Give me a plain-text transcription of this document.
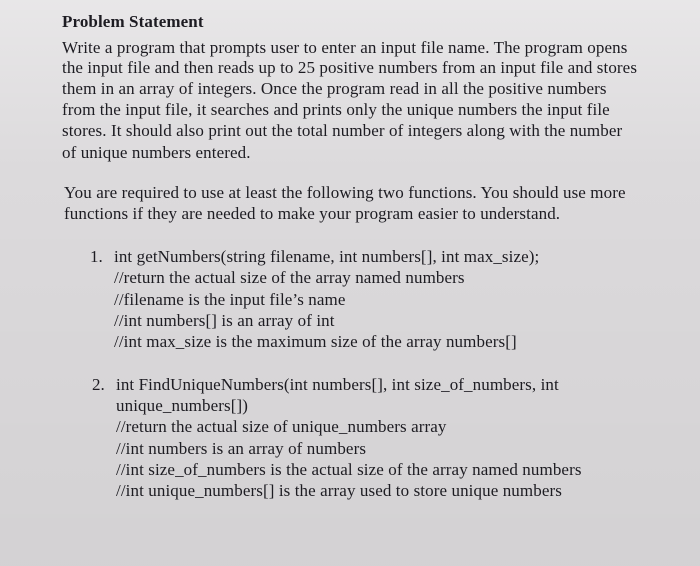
Problem Statement
Write a program that prompts user to enter an input file name. The program opens
the input file and then reads up to 25 positive numbers from an input file and stores
them in an array of integers. Once the program read in all the positive numbers
from the input file, it searches and prints only the unique numbers the input file
stores. It should also print out the total number of integers along with the number
of unique numbers entered.
You are required to use at least the following two functions. You should use more
functions if they are needed to make your program easier to understand.
1. int getNumbers(string filename, int numbers[], int max_size);
//return the actual size of the array named numbers
//filename is the input file’s name
//int numbers[] is an array of int
//int max_size is the maximum size of the array numbers[]
2. int FindUniqueNumbers(int numbers[], int size_of_numbers, int
unique_numbers[])
//return the actual size of unique_numbers array
//int numbers is an array of numbers
//int size_of_numbers is the actual size of the array named numbers
//int unique_numbers[] is the array used to store unique numbers
